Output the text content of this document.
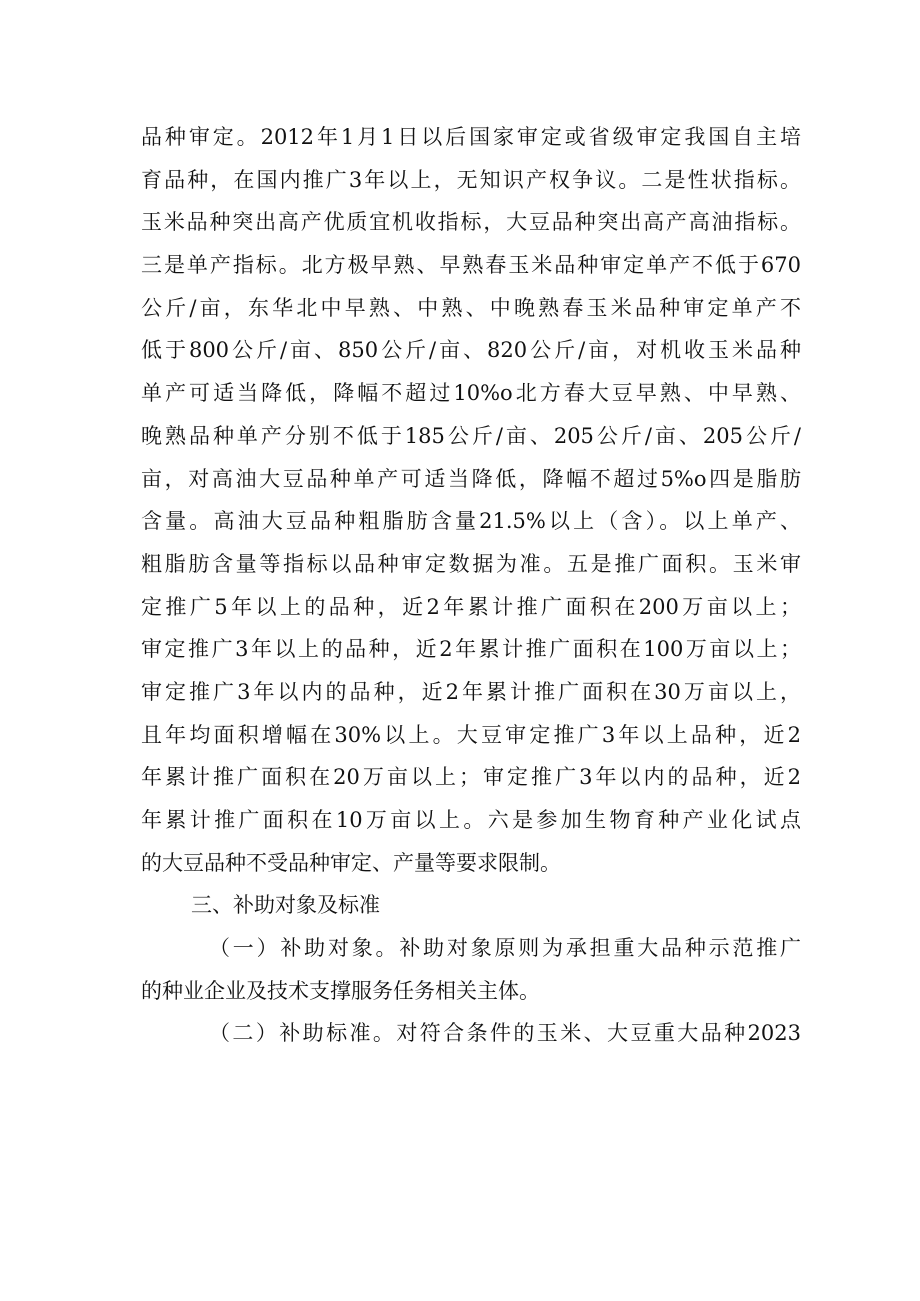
品种审定。2012年1月1日以后国家审定或省级审定我国自主培
育品种，在国内推广3年以上，无知识产权争议。二是性状指标。
玉米品种突出高产优质宜机收指标，大豆品种突出高产高油指标。
三是单产指标。北方极早熟、早熟春玉米品种审定单产不低于670
公斤/亩，东华北中早熟、中熟、中晚熟春玉米品种审定单产不
低于800公斤/亩、850公斤/亩、820公斤/亩，对机收玉米品种
单产可适当降低，降幅不超过10%o北方春大豆早熟、中早熟、
晚熟品种单产分别不低于185公斤/亩、205公斤/亩、205公斤/
亩，对高油大豆品种单产可适当降低，降幅不超过5%o四是脂肪
含量。高油大豆品种粗脂肪含量21.5%以上（含）。以上单产、
粗脂肪含量等指标以品种审定数据为准。五是推广面积。玉米审
定推广5年以上的品种，近2年累计推广面积在200万亩以上；
审定推广3年以上的品种，近2年累计推广面积在100万亩以上；
审定推广3年以内的品种，近2年累计推广面积在30万亩以上，
且年均面积增幅在30%以上。大豆审定推广3年以上品种，近2
年累计推广面积在20万亩以上；审定推广3年以内的品种，近2
年累计推广面积在10万亩以上。六是参加生物育种产业化试点
的大豆品种不受品种审定、产量等要求限制。
三、补助对象及标准
（一）补助对象。补助对象原则为承担重大品种示范推广
的种业企业及技术支撑服务任务相关主体。
（二）补助标准。对符合条件的玉米、大豆重大品种2023
